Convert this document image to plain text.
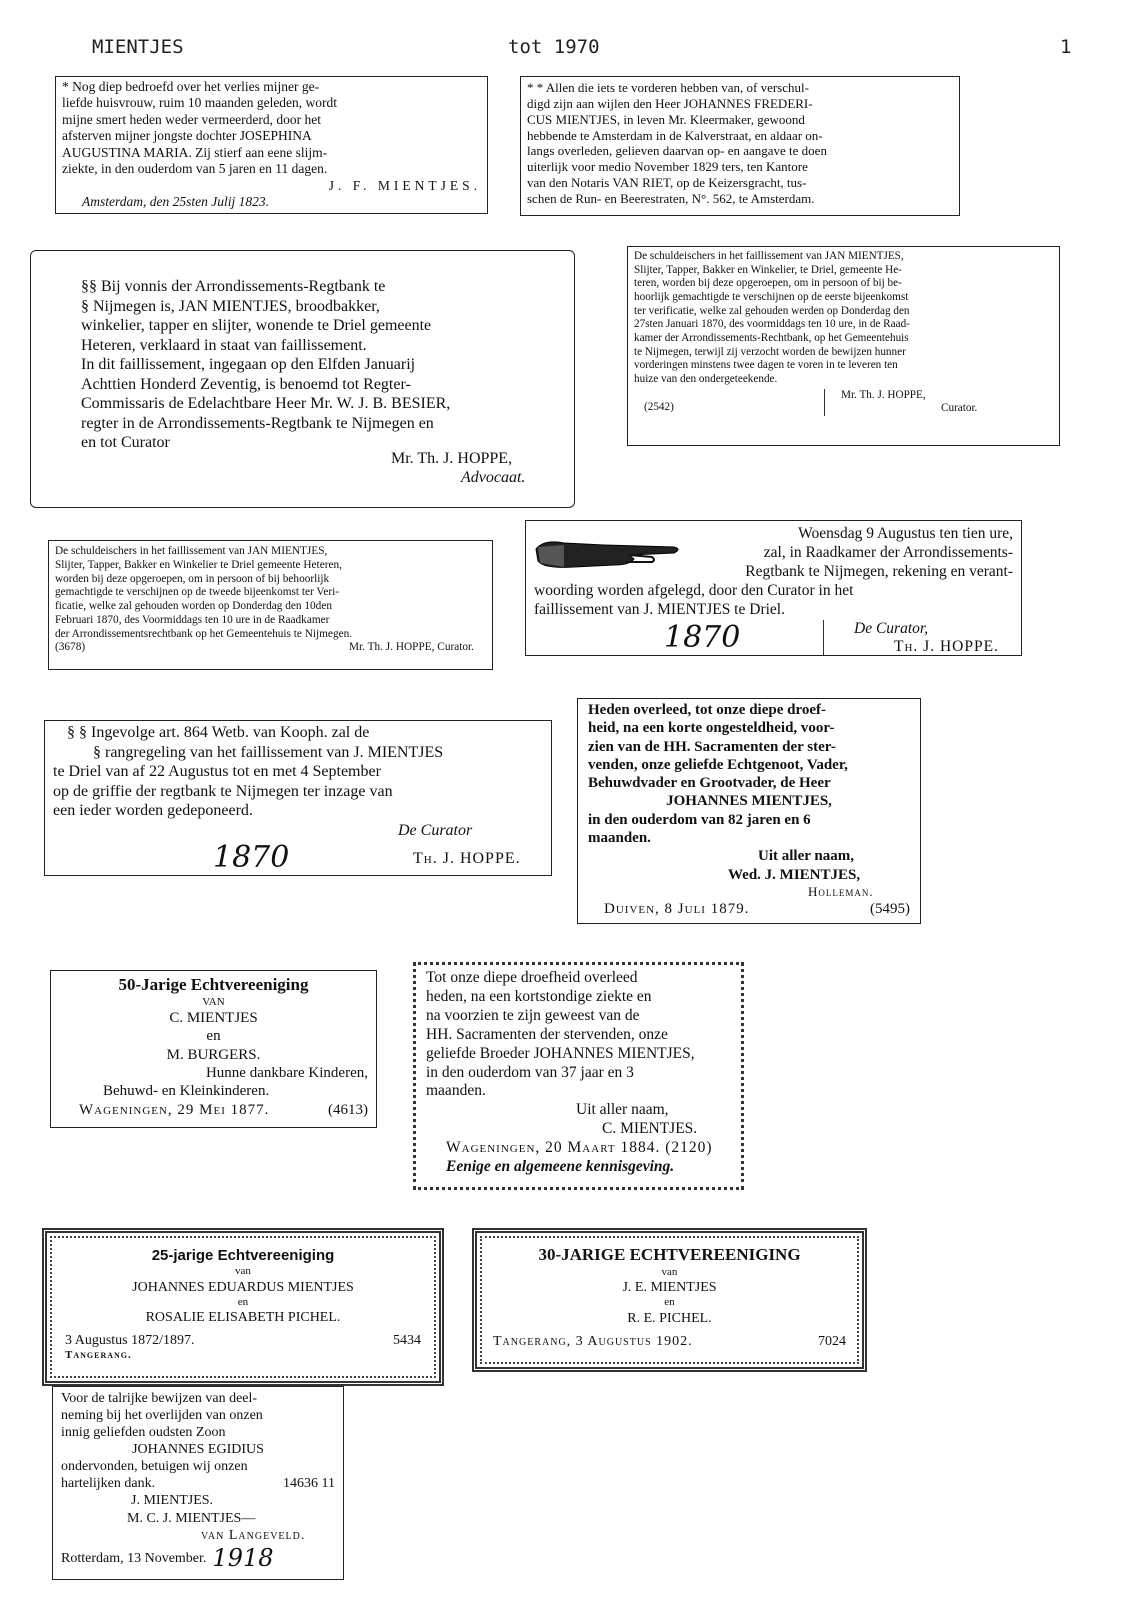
MIENTJES	tot 1970	1

* Nog diep bedroefd over het verlies mijner ge-

liefde huisvrouw, ruim 10 maanden geleden, wordt

mijne smert heden weder vermeerderd, door het

afsterven mijner jongste dochter JOSEPHINA

AUGUSTINA MARIA. Zij stierf aan eene slijm-

ziekte, in den ouderdom van 5 jaren en 11 dagen.

J. F. MIENTJES.

Amsterdam, den 25sten Julij 1823.

* * Allen die iets te vorderen hebben van, of verschul-

digd zijn aan wijlen den Heer JOHANNES FREDERI-

CUS MIENTJES, in leven Mr. Kleermaker, gewoond

hebbende te Amsterdam in de Kalverstraat, en aldaar on-

langs overleden, gelieven daarvan op- en aangave te doen

uiterlijk voor medio November 1829 ters, ten Kantore

van den Notaris VAN RIET, op de Keizersgracht, tus-

schen de Run- en Beerestraten, N°. 562, te Amsterdam.

§§ Bij vonnis der Arrondissements-Regtbank te

§ Nijmegen is, JAN MIENTJES, broodbakker,

winkelier, tapper en slijter, wonende te Driel gemeente

Heteren, verklaard in staat van faillissement.

In dit faillissement, ingegaan op den Elfden Januarij

Achttien Honderd Zeventig, is benoemd tot Regter-

Commissaris de Edelachtbare Heer Mr. W. J. B. BESIER,

regter in de Arrondissements-Regtbank te Nijmegen en

en tot Curator

Mr. Th. J. HOPPE,

Advocaat.

De schuldeischers in het faillissement van JAN MIENTJES,

Slijter, Tapper, Bakker en Winkelier, te Driel, gemeente He-

teren, worden bij deze opgeroepen, om in persoon of bij be-

hoorlijk gemachtigde te verschijnen op de eerste bijeenkomst

ter verificatie, welke zal gehouden werden op Donderdag den

27sten Januari 1870, des voormiddags ten 10 ure, in de Raad-

kamer der Arrondissements-Rechtbank, op het Gemeentehuis

te Nijmegen, terwijl zij verzocht worden de bewijzen hunner

vorderingen minstens twee dagen te voren in te leveren ten

huize van den ondergeteekende.

(2542)

Mr. Th. J. HOPPE,

Curator.

De schuldeischers in het faillissement van JAN MIENTJES,

Slijter, Tapper, Bakker en Winkelier te Driel gemeente Heteren,

worden bij deze opgeroepen, om in persoon of bij behoorlijk

gemachtigde te verschijnen op de tweede bijeenkomst ter Veri-

ficatie, welke zal gehouden worden op Donderdag den 10den

Februari 1870, des Voormiddags ten 10 ure in de Raadkamer

der Arrondissementsrechtbank op het Gemeentehuis te Nijmegen.

(3678)	Mr. Th. J. HOPPE, Curator.

Woensdag 9 Augustus ten tien ure,

zal, in Raadkamer der Arrondissements-

Regtbank te Nijmegen, rekening en verant-

woording worden afgelegd, door den Curator in het

faillissement van J. MIENTJES te Driel.

1870	De Curator,

Th. J. HOPPE.

§ § Ingevolge art. 864 Wetb. van Kooph. zal de

§ rangregeling van het faillissement van J. MIENTJES

te Driel van af 22 Augustus tot en met 4 September

op de griffie der regtbank te Nijmegen ter inzage van

een ieder worden gedeponeerd.

De Curator

1870	Th. J. HOPPE.

Heden overleed, tot onze diepe droef-

heid, na een korte ongesteldheid, voor-

zien van de HH. Sacramenten der ster-

venden, onze geliefde Echtgenoot, Vader,

Behuwdvader en Grootvader, de Heer

JOHANNES MIENTJES,

in den ouderdom van 82 jaren en 6

maanden.

Uit aller naam,

Wed. J. MIENTJES,

Holleman.

Duiven, 8 Juli 1879.	(5495)

50-Jarige Echtvereeniging

VAN

C. MIENTJES

en

M. BURGERS.

Hunne dankbare Kinderen,

Behuwd- en Kleinkinderen.

Wageningen, 29 Mei 1877.	(4613)

Tot onze diepe droefheid overleed

heden, na een kortstondige ziekte en

na voorzien te zijn geweest van de

HH. Sacramenten der stervenden, onze

geliefde Broeder JOHANNES MIENTJES,

in den ouderdom van 37 jaar en 3

maanden.

Uit aller naam,

C. MIENTJES.

Wageningen, 20 Maart 1884. (2120)

Eenige en algemeene kennisgeving.

25-jarige Echtvereeniging

van

JOHANNES EDUARDUS MIENTJES

en

ROSALIE ELISABETH PICHEL.

3 Augustus 1872/1897.	5434

Tangerang.

30-JARIGE ECHTVEREENIGING

van

J. E. MIENTJES

en

R. E. PICHEL.

Tangerang, 3 Augustus 1902.	7024

Voor de talrijke bewijzen van deel-

neming bij het overlijden van onzen

innig geliefden oudsten Zoon

JOHANNES EGIDIUS

ondervonden, betuigen wij onzen

hartelijken dank.	14636 11

J. MIENTJES.

M. C. J. MIENTJES—

van Langeveld.

Rotterdam, 13 November. 1918
